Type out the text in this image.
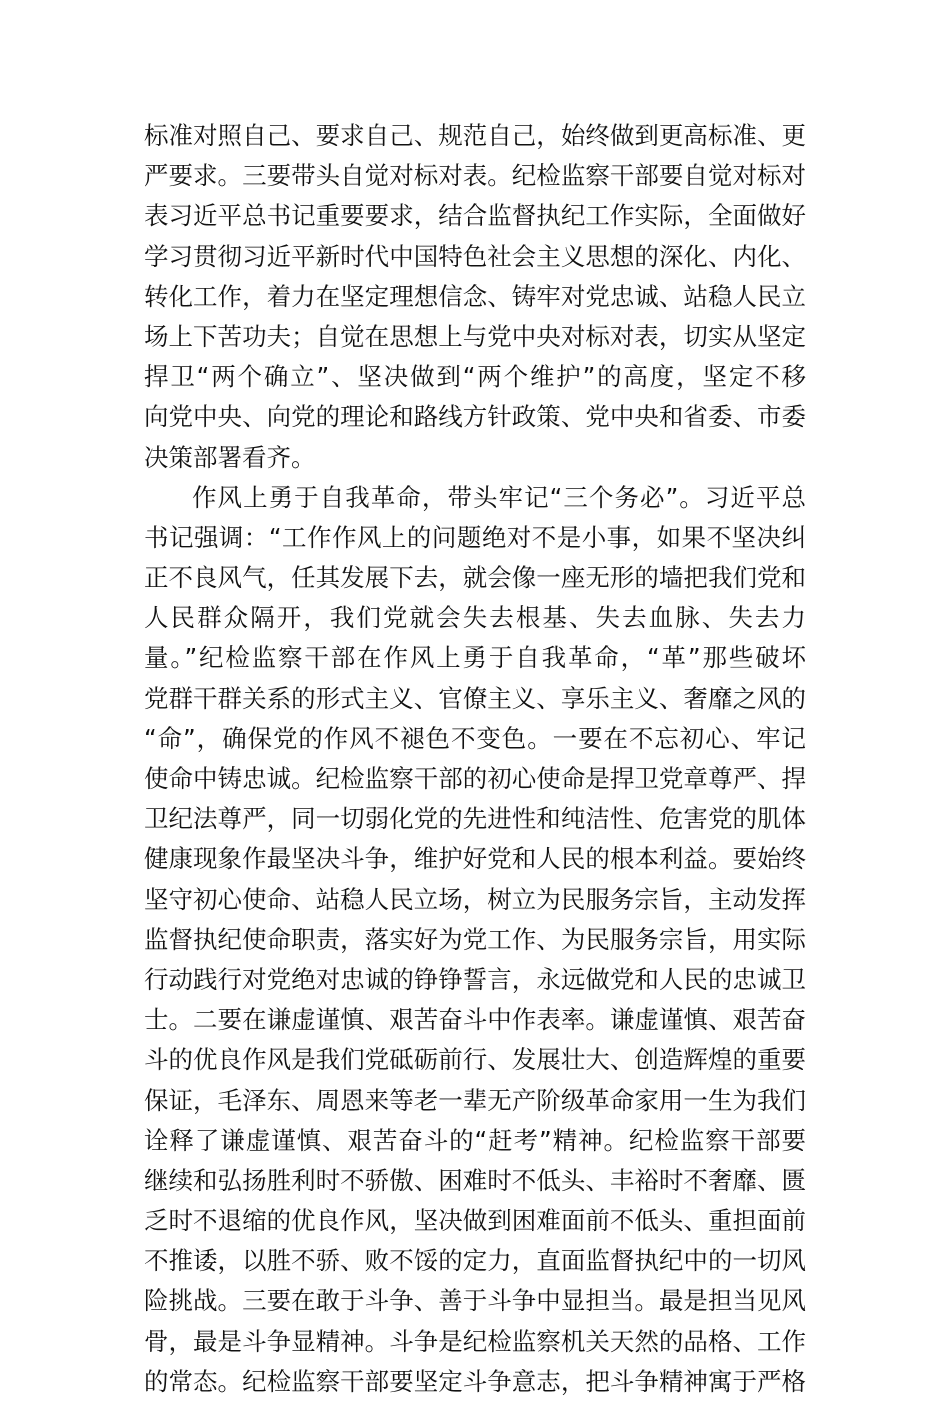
标准对照自己、要求自己、规范自己，始终做到更高标准、更
严要求。三要带头自觉对标对表。纪检监察干部要自觉对标对
表习近平总书记重要要求，结合监督执纪工作实际，全面做好
学习贯彻习近平新时代中国特色社会主义思想的深化、内化、
转化工作，着力在坚定理想信念、铸牢对党忠诚、站稳人民立
场上下苦功夫；自觉在思想上与党中央对标对表，切实从坚定
捍卫“两个确立”、坚决做到“两个维护”的高度，坚定不移
向党中央、向党的理论和路线方针政策、党中央和省委、市委
决策部署看齐。
作风上勇于自我革命，带头牢记“三个务必”。习近平总
书记强调：“工作作风上的问题绝对不是小事，如果不坚决纠
正不良风气，任其发展下去，就会像一座无形的墙把我们党和
人民群众隔开，我们党就会失去根基、失去血脉、失去力
量。”纪检监察干部在作风上勇于自我革命，“革”那些破坏
党群干群关系的形式主义、官僚主义、享乐主义、奢靡之风的
“命”，确保党的作风不褪色不变色。一要在不忘初心、牢记
使命中铸忠诚。纪检监察干部的初心使命是捍卫党章尊严、捍
卫纪法尊严，同一切弱化党的先进性和纯洁性、危害党的肌体
健康现象作最坚决斗争，维护好党和人民的根本利益。要始终
坚守初心使命、站稳人民立场，树立为民服务宗旨，主动发挥
监督执纪使命职责，落实好为党工作、为民服务宗旨，用实际
行动践行对党绝对忠诚的铮铮誓言，永远做党和人民的忠诚卫
士。二要在谦虚谨慎、艰苦奋斗中作表率。谦虚谨慎、艰苦奋
斗的优良作风是我们党砥砺前行、发展壮大、创造辉煌的重要
保证，毛泽东、周恩来等老一辈无产阶级革命家用一生为我们
诠释了谦虚谨慎、艰苦奋斗的“赶考”精神。纪检监察干部要
继续和弘扬胜利时不骄傲、困难时不低头、丰裕时不奢靡、匮
乏时不退缩的优良作风，坚决做到困难面前不低头、重担面前
不推诿，以胜不骄、败不馁的定力，直面监督执纪中的一切风
险挑战。三要在敢于斗争、善于斗争中显担当。最是担当见风
骨，最是斗争显精神。斗争是纪检监察机关天然的品格、工作
的常态。纪检监察干部要坚定斗争意志，把斗争精神寓于严格
